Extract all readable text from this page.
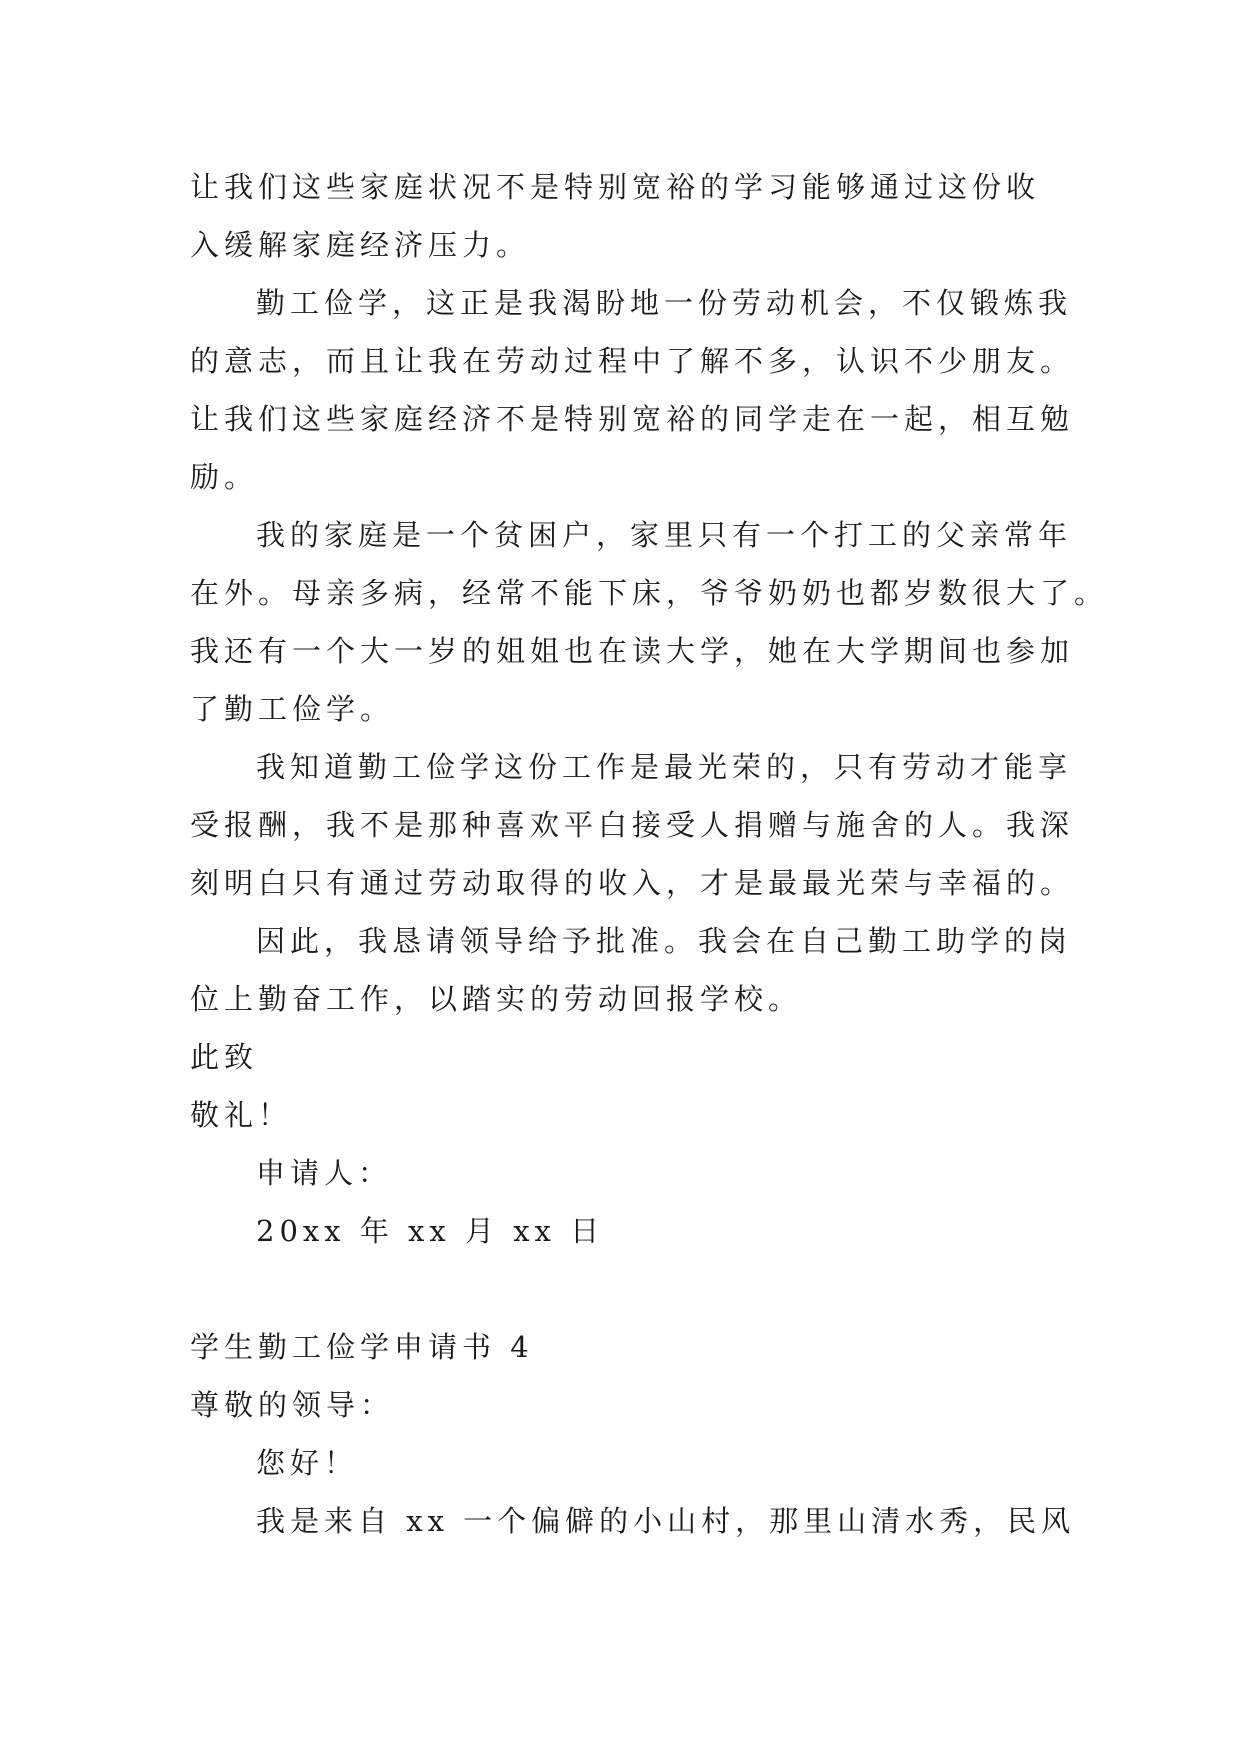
让我们这些家庭状况不是特别宽裕的学习能够通过这份收
入缓解家庭经济压力。
勤工俭学，这正是我渴盼地一份劳动机会，不仅锻炼我
的意志，而且让我在劳动过程中了解不多，认识不少朋友。
让我们这些家庭经济不是特别宽裕的同学走在一起，相互勉
励。
我的家庭是一个贫困户，家里只有一个打工的父亲常年
在外。母亲多病，经常不能下床，爷爷奶奶也都岁数很大了。
我还有一个大一岁的姐姐也在读大学，她在大学期间也参加
了勤工俭学。
我知道勤工俭学这份工作是最光荣的，只有劳动才能享
受报酬，我不是那种喜欢平白接受人捐赠与施舍的人。我深
刻明白只有通过劳动取得的收入，才是最最光荣与幸福的。
因此，我恳请领导给予批准。我会在自己勤工助学的岗
位上勤奋工作，以踏实的劳动回报学校。
此致
敬礼！
申请人：
20xx 年 xx 月 xx 日
学生勤工俭学申请书 4
尊敬的领导：
您好！
我是来自 xx 一个偏僻的小山村，那里山清水秀，民风
